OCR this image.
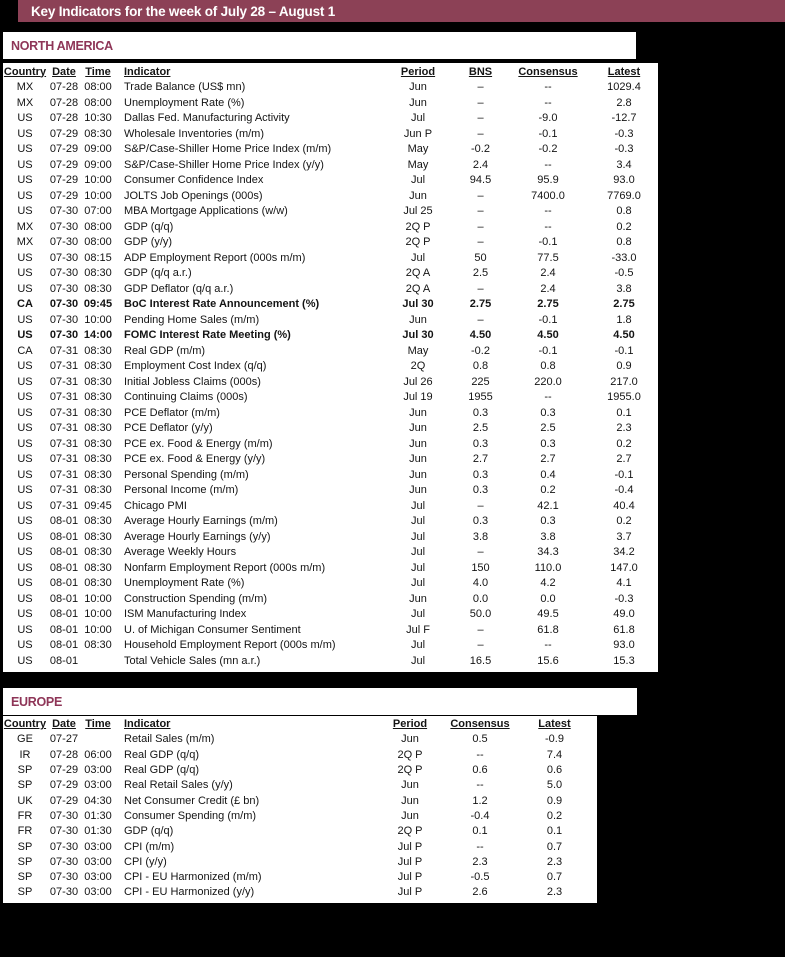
Key Indicators for the week of July 28 – August 1
NORTH AMERICA
Country Date Time	Indicator	Period	BNS	Consensus	Latest
MX	07-28 08:00	Trade Balance (US$ mn)	Jun	–	--	1029.4
MX	07-28 08:00	Unemployment Rate (%)	Jun	–	--	2.8
US	07-28 10:30	Dallas Fed. Manufacturing Activity	Jul	–	-9.0	-12.7
US	07-29 08:30	Wholesale Inventories (m/m)	Jun P	–	-0.1	-0.3
US	07-29 09:00	S&P/Case-Shiller Home Price Index (m/m)	May	-0.2	-0.2	-0.3
US	07-29 09:00	S&P/Case-Shiller Home Price Index (y/y)	May	2.4	--	3.4
US	07-29 10:00	Consumer Confidence Index	Jul	94.5	95.9	93.0
US	07-29 10:00	JOLTS Job Openings (000s)	Jun	–	7400.0	7769.0
US	07-30 07:00	MBA Mortgage Applications (w/w)	Jul 25	–	--	0.8
MX	07-30 08:00	GDP (q/q)	2Q P	–	--	0.2
MX	07-30 08:00	GDP (y/y)	2Q P	–	-0.1	0.8
US	07-30 08:15	ADP Employment Report (000s m/m)	Jul	50	77.5	-33.0
US	07-30 08:30	GDP (q/q a.r.)	2Q A	2.5	2.4	-0.5
US	07-30 08:30	GDP Deflator (q/q a.r.)	2Q A	–	2.4	3.8
CA	07-30 09:45	BoC Interest Rate Announcement (%)	Jul 30	2.75	2.75	2.75
US	07-30 10:00	Pending Home Sales (m/m)	Jun	–	-0.1	1.8
US	07-30 14:00	FOMC Interest Rate Meeting (%)	Jul 30	4.50	4.50	4.50
CA	07-31 08:30	Real GDP (m/m)	May	-0.2	-0.1	-0.1
US	07-31 08:30	Employment Cost Index (q/q)	2Q	0.8	0.8	0.9
US	07-31 08:30	Initial Jobless Claims (000s)	Jul 26	225	220.0	217.0
US	07-31 08:30	Continuing Claims (000s)	Jul 19	1955	--	1955.0
US	07-31 08:30	PCE Deflator (m/m)	Jun	0.3	0.3	0.1
US	07-31 08:30	PCE Deflator (y/y)	Jun	2.5	2.5	2.3
US	07-31 08:30	PCE ex. Food & Energy (m/m)	Jun	0.3	0.3	0.2
US	07-31 08:30	PCE ex. Food & Energy (y/y)	Jun	2.7	2.7	2.7
US	07-31 08:30	Personal Spending (m/m)	Jun	0.3	0.4	-0.1
US	07-31 08:30	Personal Income (m/m)	Jun	0.3	0.2	-0.4
US	07-31 09:45	Chicago PMI	Jul	–	42.1	40.4
US	08-01 08:30	Average Hourly Earnings (m/m)	Jul	0.3	0.3	0.2
US	08-01 08:30	Average Hourly Earnings (y/y)	Jul	3.8	3.8	3.7
US	08-01 08:30	Average Weekly Hours	Jul	–	34.3	34.2
US	08-01 08:30	Nonfarm Employment Report (000s m/m)	Jul	150	110.0	147.0
US	08-01 08:30	Unemployment Rate (%)	Jul	4.0	4.2	4.1
US	08-01 10:00	Construction Spending (m/m)	Jun	0.0	0.0	-0.3
US	08-01 10:00	ISM Manufacturing Index	Jul	50.0	49.5	49.0
US	08-01 10:00	U. of Michigan Consumer Sentiment	Jul F	–	61.8	61.8
US	08-01 08:30	Household Employment Report (000s m/m)	Jul	–	--	93.0
US	08-01	Total Vehicle Sales (mn a.r.)	Jul	16.5	15.6	15.3
EUROPE
Country Date Time	Indicator	Period	Consensus	Latest
GE	07-27	Retail Sales (m/m)	Jun	0.5	-0.9
IR	07-28 06:00	Real GDP (q/q)	2Q P	--	7.4
SP	07-29 03:00	Real GDP (q/q)	2Q P	0.6	0.6
SP	07-29 03:00	Real Retail Sales (y/y)	Jun	--	5.0
UK	07-29 04:30	Net Consumer Credit (£ bn)	Jun	1.2	0.9
FR	07-30 01:30	Consumer Spending (m/m)	Jun	-0.4	0.2
FR	07-30 01:30	GDP (q/q)	2Q P	0.1	0.1
SP	07-30 03:00	CPI (m/m)	Jul P	--	0.7
SP	07-30 03:00	CPI (y/y)	Jul P	2.3	2.3
SP	07-30 03:00	CPI - EU Harmonized (m/m)	Jul P	-0.5	0.7
SP	07-30 03:00	CPI - EU Harmonized (y/y)	Jul P	2.6	2.3
